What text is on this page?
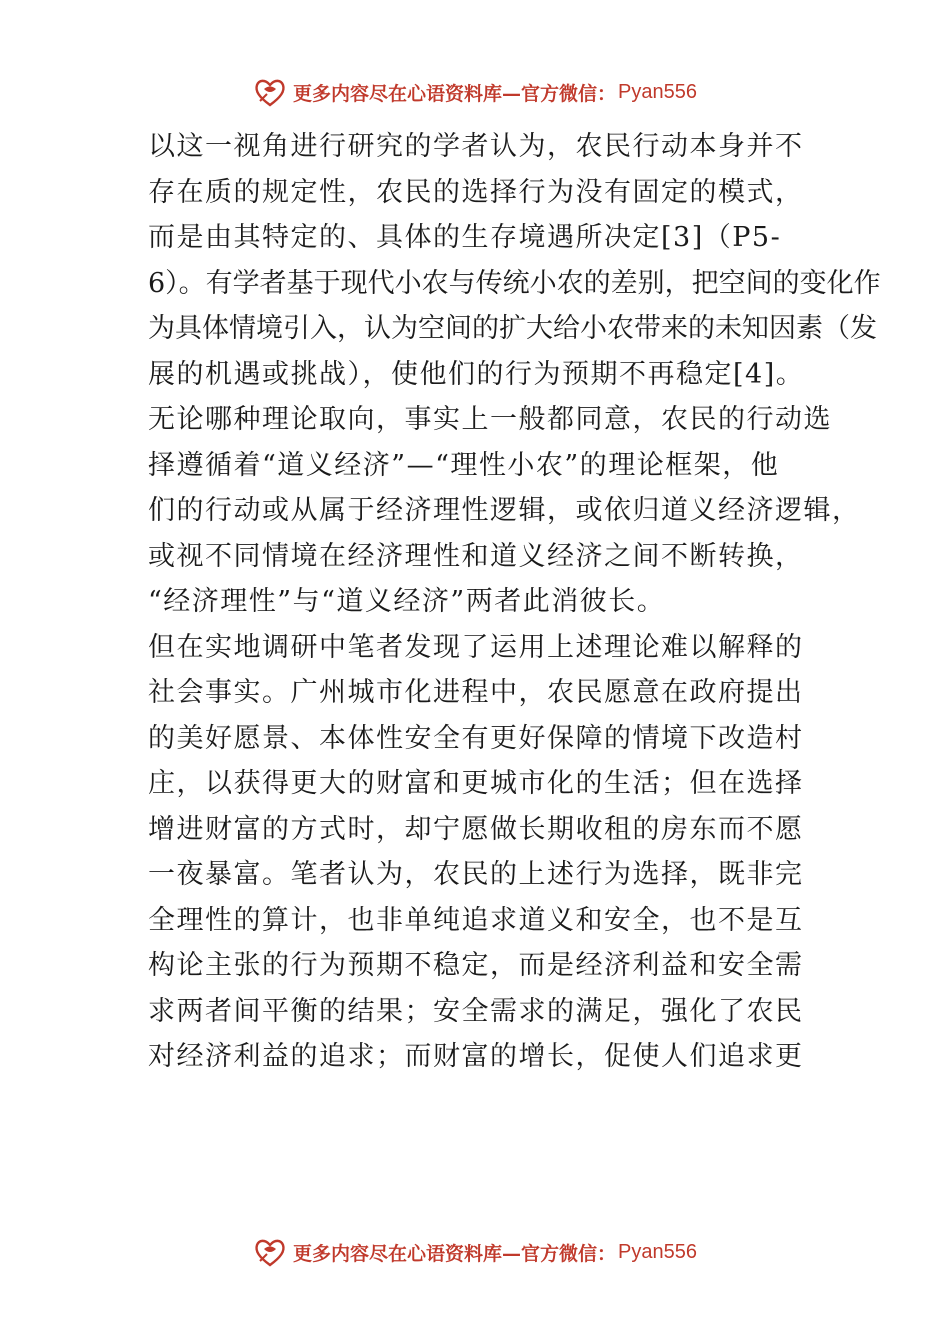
更多内容尽在心语资料库—官方微信： Pyan556
以这一视角进行研究的学者认为，农民行动本身并不
存在质的规定性，农民的选择行为没有固定的模式，
而是由其特定的、具体的生存境遇所决定[3]（P5-
6）。有学者基于现代小农与传统小农的差别，把空间的变化作
为具体情境引入，认为空间的扩大给小农带来的未知因素（发
展的机遇或挑战），使他们的行为预期不再稳定[4]。
无论哪种理论取向，事实上一般都同意，农民的行动选
择遵循着“道义经济”—“理性小农”的理论框架，他
们的行动或从属于经济理性逻辑，或依归道义经济逻辑，
或视不同情境在经济理性和道义经济之间不断转换，
“经济理性”与“道义经济”两者此消彼长。
但在实地调研中笔者发现了运用上述理论难以解释的
社会事实。广州城市化进程中，农民愿意在政府提出
的美好愿景、本体性安全有更好保障的情境下改造村
庄，以获得更大的财富和更城市化的生活；但在选择
增进财富的方式时，却宁愿做长期收租的房东而不愿
一夜暴富。笔者认为，农民的上述行为选择，既非完
全理性的算计，也非单纯追求道义和安全，也不是互
构论主张的行为预期不稳定，而是经济利益和安全需
求两者间平衡的结果；安全需求的满足，强化了农民
对经济利益的追求；而财富的增长，促使人们追求更
更多内容尽在心语资料库—官方微信： Pyan556
